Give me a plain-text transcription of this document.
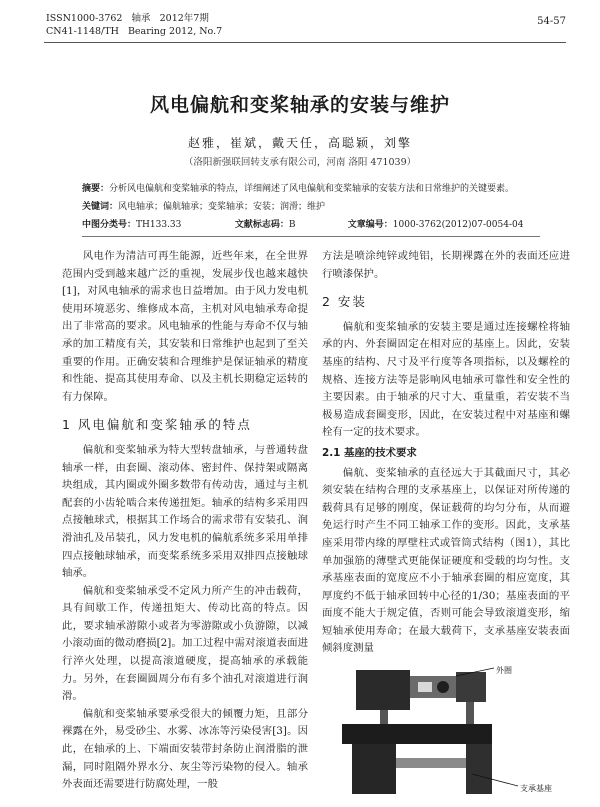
ISSN1000-3762 轴承 2012年7期
CN41-1148/TH Bearing 2012, No.7
54-57
风电偏航和变桨轴承的安装与维护
赵雅，崔斌，戴天任，高聪颖，刘擎
（洛阳新强联回转支承有限公司，河南 洛阳 471039）
摘要：分析风电偏航和变桨轴承的特点，详细阐述了风电偏航和变桨轴承的安装方法和日常维护的关键要素。
关键词：风电轴承；偏航轴承；变桨轴承；安装；润滑；维护
中图分类号：TH133.33	文献标志码：B	文章编号：1000-3762(2012)07-0054-04

风电作为清洁可再生能源，近些年来，在全世界范围内受到越来越广泛的重视，发展步伐也越来越快[1]，对风电轴承的需求也日益增加。由于风力发电机使用环境恶劣、维修成本高，主机对风电轴承寿命提出了非常高的要求。风电轴承的性能与寿命不仅与轴承的加工精度有关，其安装和日常维护也起到了至关重要的作用。正确安装和合理维护是保证轴承的精度和性能、提高其使用寿命、以及主机长期稳定运转的有力保障。

1 风电偏航和变桨轴承的特点

偏航和变桨轴承为特大型转盘轴承，与普通转盘轴承一样，由套圈、滚动体、密封件、保持架或隔离块组成，其内圈或外圈多数带有传动齿，通过与主机配套的小齿轮啮合来传递扭矩。轴承的结构多采用四点接触球式，根据其工作场合的需求带有安装孔、润滑油孔及吊装孔，风力发电机的偏航系统多采用单排四点接触球轴承，而变桨系统多采用双排四点接触球轴承。

偏航和变桨轴承受不定风力所产生的冲击载荷，具有间歇工作，传递扭矩大、传动比高的特点。因此，要求轴承游隙小或者为零游隙或小负游隙，以减小滚动面的微动磨损[2]。加工过程中需对滚道表面进行淬火处理，以提高滚道硬度，提高轴承的承载能力。另外，在套圈圆周分布有多个油孔对滚道进行润滑。

偏航和变桨轴承要承受很大的倾覆力矩，且部分裸露在外，易受砂尘、水雾、冰冻等污染侵害[3]。因此，在轴承的上、下端面安装带封条防止润滑脂的泄漏，同时阻隔外界水分、灰尘等污染物的侵入。轴承外表面还需要进行防腐处理，一般

方法是喷涂纯锌或纯铝，长期裸露在外的表面还应进行喷漆保护。

2 安装

偏航和变桨轴承的安装主要是通过连接螺栓将轴承的内、外套圈固定在相对应的基座上。因此，安装基座的结构、尺寸及平行度等各项指标，以及螺栓的规格、连接方法等是影响风电轴承可靠性和安全性的主要因素。由于轴承的尺寸大、重量重，若安装不当极易造成套圈变形，因此，在安装过程中对基座和螺栓有一定的技术要求。

2.1 基座的技术要求

偏航、变桨轴承的直径远大于其截面尺寸，其必须安装在结构合理的支承基座上，以保证对所传递的载荷具有足够的刚度，保证载荷的均匀分布，从而避免运行时产生不同工轴承工作的变形。因此，支承基座采用带内缘的厚壁柱式或管筒式结构（图1），其比单加强筋的薄壁式更能保证硬度和受载的均匀性。支承基座表面的宽度应不小于轴承套圈的相应宽度，其厚度约不低于轴承回转中心径的1/30；基座表面的平面度不能大于规定值，否则可能会导致滚道变形，缩短轴承使用寿命；在最大载荷下，支承基座安装表面倾斜度测量

外圈
支承基座
